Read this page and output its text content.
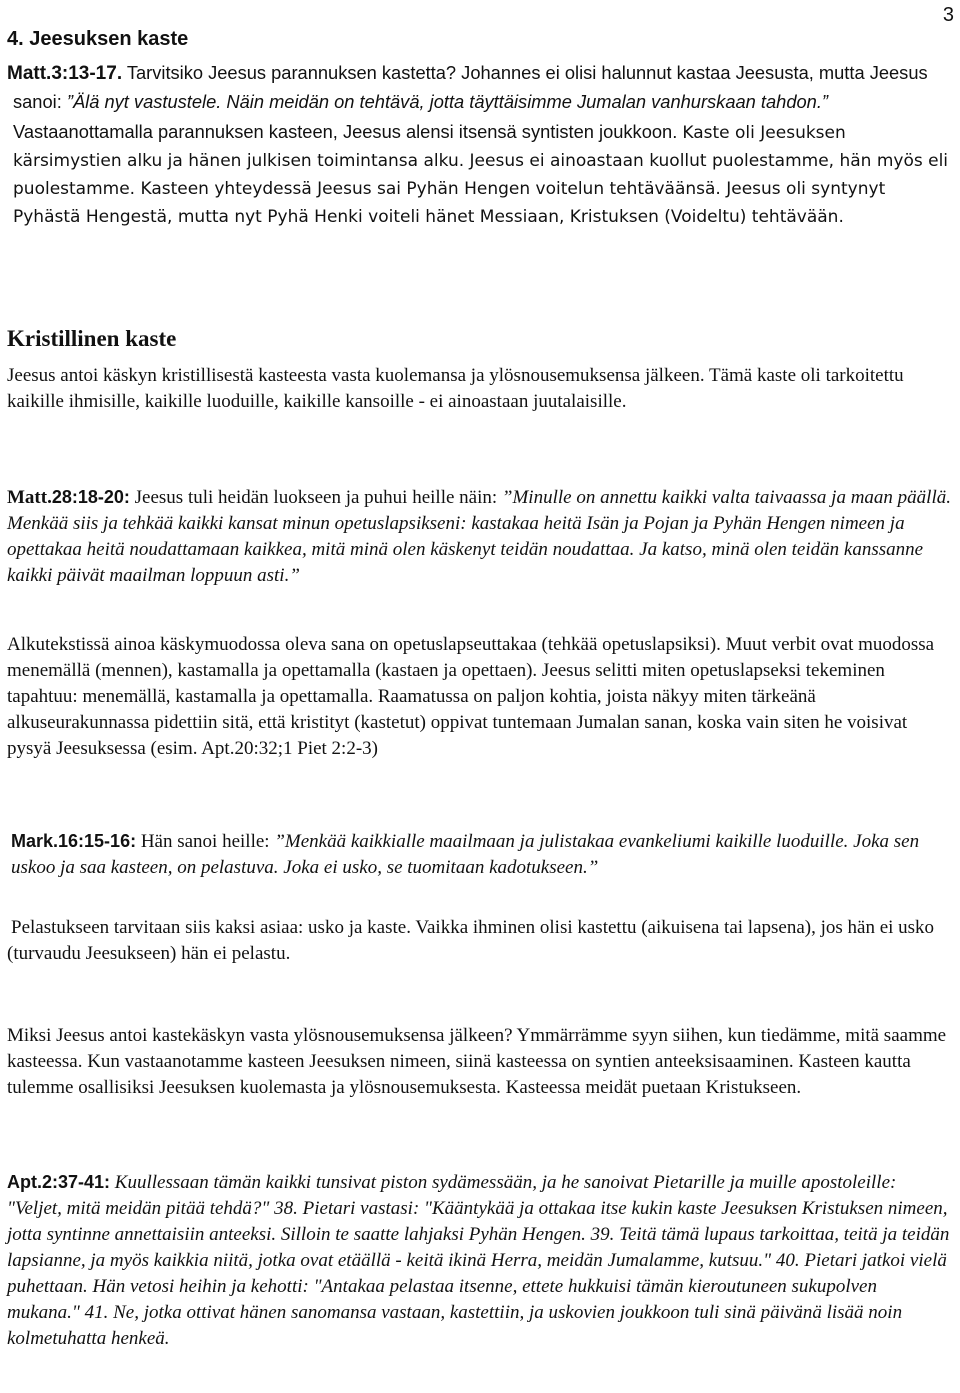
3
4. Jeesuksen kaste

Matt.3:13-17. Tarvitsiko Jeesus parannuksen kastetta? Johannes ei olisi halunnut kastaa Jeesusta, mutta Jeesus sanoi: ”Älä nyt vastustele. Näin meidän on tehtävä, jotta täyttäisimme Jumalan vanhurskaan tahdon.” Vastaanottamalla parannuksen kasteen, Jeesus alensi itsensä syntisten joukkoon. Kaste oli Jeesuksen kärsimystien alku ja hänen julkisen toimintansa alku. Jeesus ei ainoastaan kuollut puolestamme, hän myös eli puolestamme. Kasteen yhteydessä Jeesus sai Pyhän Hengen voitelun tehtäväänsä. Jeesus oli syntynyt Pyhästä Hengestä, mutta nyt Pyhä Henki voiteli hänet Messiaan, Kristuksen (Voideltu) tehtävään.

Kristillinen kaste

Jeesus antoi käskyn kristillisestä kasteesta vasta kuolemansa ja ylösnousemuksensa jälkeen. Tämä kaste oli tarkoitettu kaikille ihmisille, kaikille luoduille, kaikille kansoille - ei ainoastaan juutalaisille.

Matt.28:18-20: Jeesus tuli heidän luokseen ja puhui heille näin: ”Minulle on annettu kaikki valta taivaassa ja maan päällä. Menkää siis ja tehkää kaikki kansat minun opetuslapsikseni: kastakaa heitä Isän ja Pojan ja Pyhän Hengen nimeen ja opettakaa heitä noudattamaan kaikkea, mitä minä olen käskenyt teidän noudattaa. Ja katso, minä olen teidän kanssanne kaikki päivät maailman loppuun asti.”

Alkutekstissä ainoa käskymuodossa oleva sana on opetuslapseuttakaa (tehkää opetuslapsiksi). Muut verbit ovat muodossa menemällä (mennen), kastamalla ja opettamalla (kastaen ja opettaen). Jeesus selitti miten opetuslapseksi tekeminen tapahtuu: menemällä, kastamalla ja opettamalla. Raamatussa on paljon kohtia, joista näkyy miten tärkeänä alkuseurakunnassa pidettiin sitä, että kristityt (kastetut) oppivat tuntemaan Jumalan sanan, koska vain siten he voisivat pysyä Jeesuksessa (esim. Apt.20:32;1 Piet 2:2-3)

Mark.16:15-16: Hän sanoi heille: ”Menkää kaikkialle maailmaan ja julistakaa evankeliumi kaikille luoduille. Joka sen uskoo ja saa kasteen, on pelastuva. Joka ei usko, se tuomitaan kadotukseen.”

Pelastukseen tarvitaan siis kaksi asiaa: usko ja kaste. Vaikka ihminen olisi kastettu (aikuisena tai lapsena), jos hän ei usko (turvaudu Jeesukseen) hän ei pelastu.

Miksi Jeesus antoi kastekäskyn vasta ylösnousemuksensa jälkeen? Ymmärrämme syyn siihen, kun tiedämme, mitä saamme kasteessa. Kun vastaanotamme kasteen Jeesuksen nimeen, siinä kasteessa on syntien anteeksisaaminen. Kasteen kautta tulemme osallisiksi Jeesuksen kuolemasta ja ylösnousemuksesta. Kasteessa meidät puetaan Kristukseen.

Apt.2:37-41: Kuullessaan tämän kaikki tunsivat piston sydämessään, ja he sanoivat Pietarille ja muille apostoleille: "Veljet, mitä meidän pitää tehdä?" 38. Pietari vastasi: "Kääntykää ja ottakaa itse kukin kaste Jeesuksen Kristuksen nimeen, jotta syntinne annettaisiin anteeksi. Silloin te saatte lahjaksi Pyhän Hengen. 39. Teitä tämä lupaus tarkoittaa, teitä ja teidän lapsianne, ja myös kaikkia niitä, jotka ovat etäällä - keitä ikinä Herra, meidän Jumalamme, kutsuu." 40. Pietari jatkoi vielä puhettaan. Hän vetosi heihin ja kehotti: "Antakaa pelastaa itsenne, ettete hukkuisi tämän kieroutuneen sukupolven mukana." 41. Ne, jotka ottivat hänen sanomansa vastaan, kastettiin, ja uskovien joukkoon tuli sinä päivänä lisää noin kolmetuhatta henkeä.
